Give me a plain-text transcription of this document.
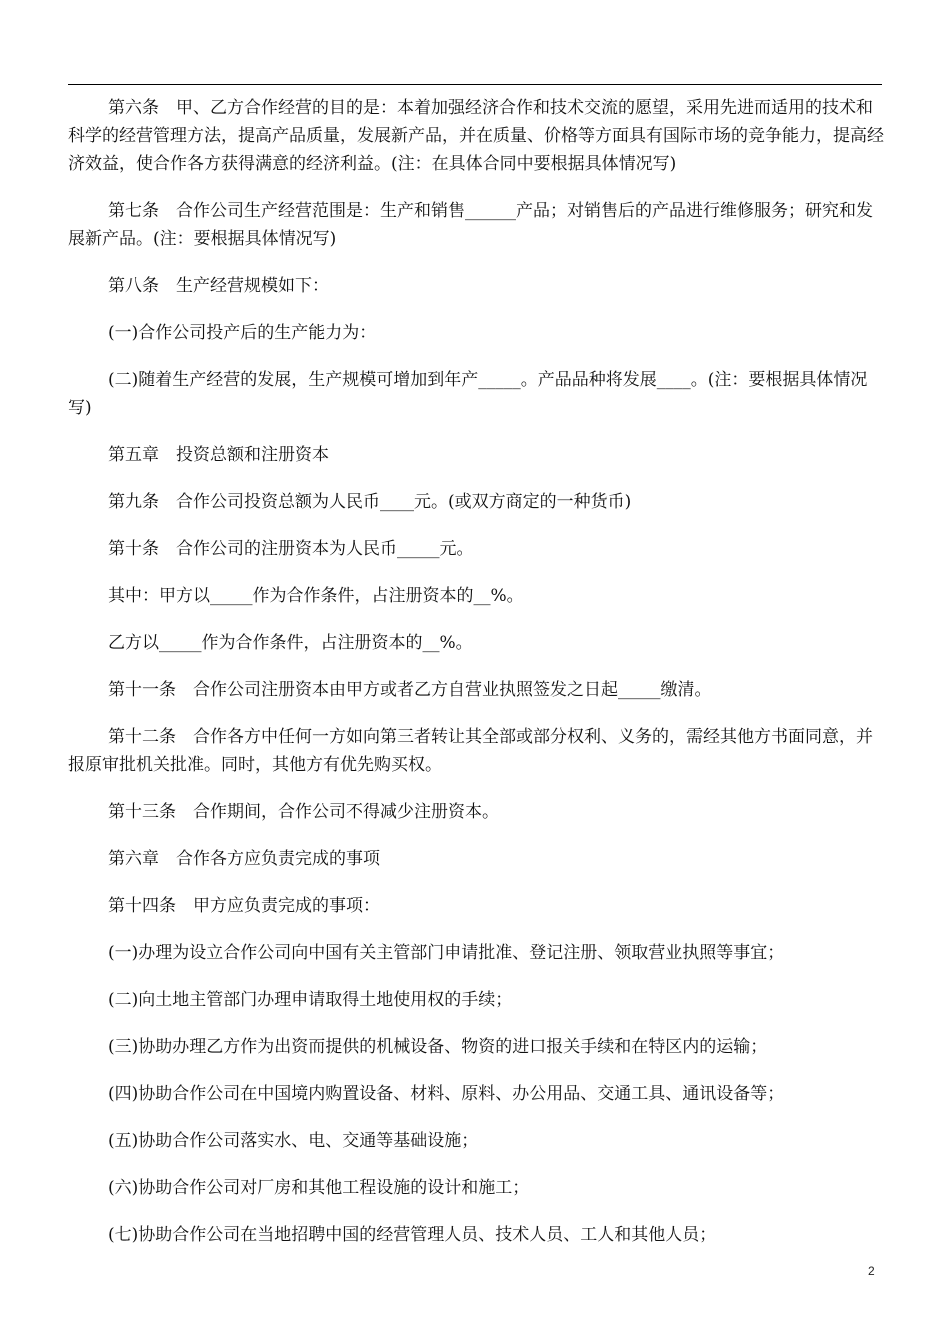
第六条　甲、乙方合作经营的目的是：本着加强经济合作和技术交流的愿望，采用先进而适用的技术和科学的经营管理方法，提高产品质量，发展新产品，并在质量、价格等方面具有国际市场的竞争能力，提高经济效益，使合作各方获得满意的经济利益。(注：在具体合同中要根据具体情况写)

第七条　合作公司生产经营范围是：生产和销售______产品；对销售后的产品进行维修服务；研究和发展新产品。(注：要根据具体情况写)

第八条　生产经营规模如下：

(一)合作公司投产后的生产能力为：

(二)随着生产经营的发展，生产规模可增加到年产_____。产品品种将发展____。(注：要根据具体情况写)

第五章　投资总额和注册资本

第九条　合作公司投资总额为人民币____元。(或双方商定的一种货币)

第十条　合作公司的注册资本为人民币_____元。

其中：甲方以_____作为合作条件，占注册资本的__%。

乙方以_____作为合作条件，占注册资本的__%。

第十一条　合作公司注册资本由甲方或者乙方自营业执照签发之日起_____缴清。

第十二条　合作各方中任何一方如向第三者转让其全部或部分权利、义务的，需经其他方书面同意，并报原审批机关批准。同时，其他方有优先购买权。

第十三条　合作期间，合作公司不得减少注册资本。

第六章　合作各方应负责完成的事项

第十四条　甲方应负责完成的事项：

(一)办理为设立合作公司向中国有关主管部门申请批准、登记注册、领取营业执照等事宜；

(二)向土地主管部门办理申请取得土地使用权的手续；

(三)协助办理乙方作为出资而提供的机械设备、物资的进口报关手续和在特区内的运输；

(四)协助合作公司在中国境内购置设备、材料、原料、办公用品、交通工具、通讯设备等；

(五)协助合作公司落实水、电、交通等基础设施；

(六)协助合作公司对厂房和其他工程设施的设计和施工；

(七)协助合作公司在当地招聘中国的经营管理人员、技术人员、工人和其他人员；

2
